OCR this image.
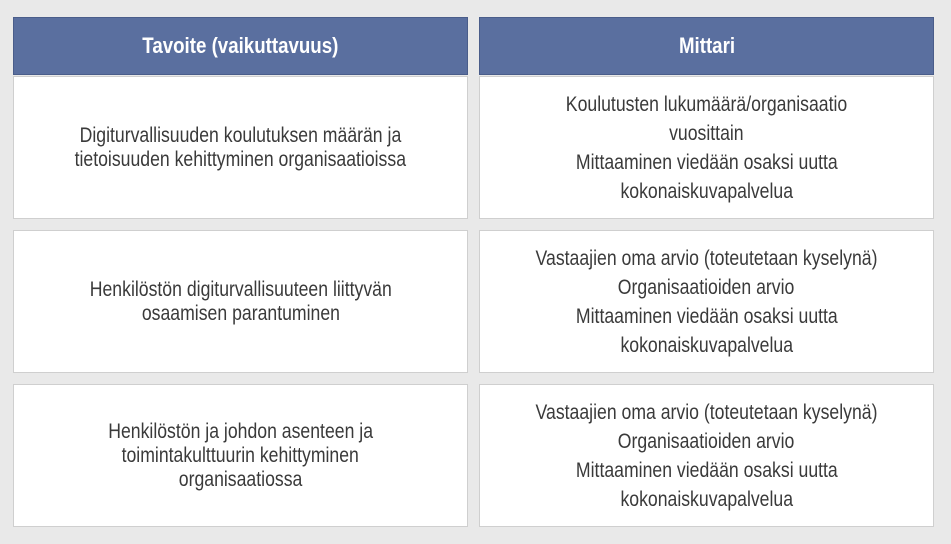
Tavoite (vaikuttavuus)	Mittari
Digiturvallisuuden koulutuksen määrän ja
tietoisuuden kehittyminen organisaatioissa
Koulutusten lukumäärä/organisaatio
vuosittain
Mittaaminen viedään osaksi uutta
kokonaiskuvapalvelua
Henkilöstön digiturvallisuuteen liittyvän
osaamisen parantuminen
Vastaajien oma arvio (toteutetaan kyselynä)
Organisaatioiden arvio
Mittaaminen viedään osaksi uutta
kokonaiskuvapalvelua
Henkilöstön ja johdon asenteen ja
toimintakulttuurin kehittyminen
organisaatiossa
Vastaajien oma arvio (toteutetaan kyselynä)
Organisaatioiden arvio
Mittaaminen viedään osaksi uutta
kokonaiskuvapalvelua
